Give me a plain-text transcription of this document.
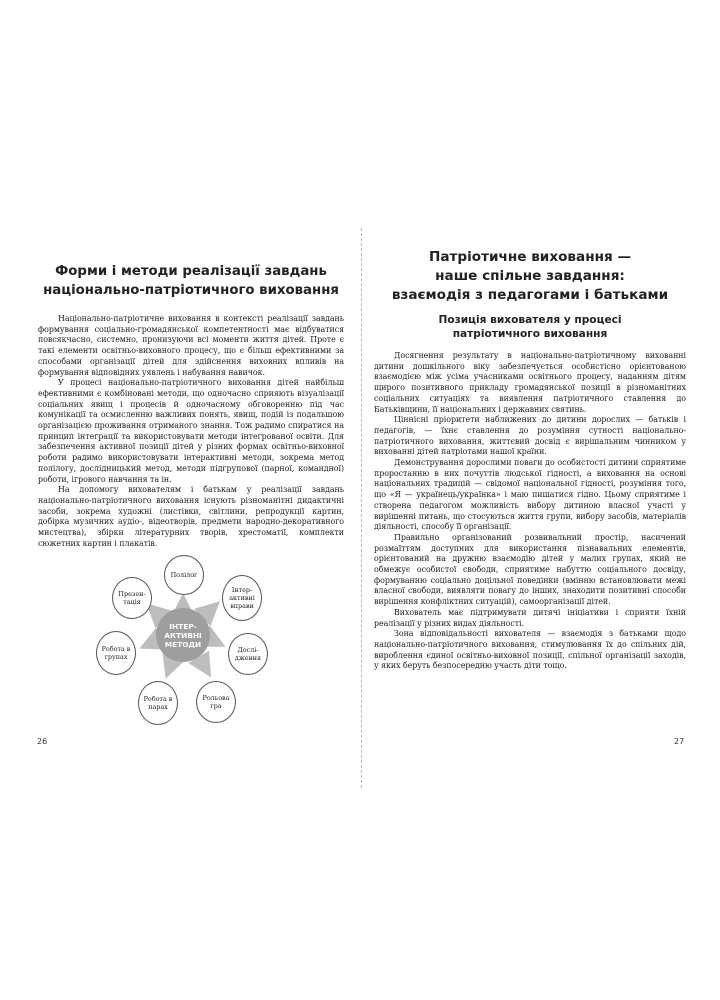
Форми і методи реалізації завдань
національно-патріотичного виховання

Національно-патріотичне виховання в контексті реалізації завдань формування соціально-громадянської компетентності має відбуватися повсякчасно, системно, пронизуючи всі моменти життя дітей. Проте є такі елементи освітньо-виховного процесу, що є більш ефективними за способами організації дітей для здійснення виховних впливів на формування відповідних уявлень і набування навичок.

У процесі національно-патріотичного виховання дітей найбільш ефективними є комбіновані методи, що одночасно сприяють візуалізації соціальних явищ і процесів й одночасному обговоренню під час комунікації та осмисленню важливих понять, явищ, подій із подальшою організацією проживання отриманого знання. Тож радимо спиратися на принцип інтеграції та використовувати методи інтегрованої освіти. Для забезпечення активної позиції дітей у різних формах освітньо-виховної роботи радимо використовувати інтерактивні методи, зокрема метод полілогу, дослідницький метод, методи підгрупової (парної, командної) роботи, ігрового навчання та ін.

На допомогу вихователям і батькам у реалізації завдань національно-патріотичного виховання існують різноманітні дидактичні засоби, зокрема художні (листівки, світлини, репродукції картин, добірка музичних аудіо-, відеотворів, предмети народно-декоративного мистецтва), збірки літературних творів, хрестоматії, комплекти сюжетних картин і плакатів.

ІНТЕР-
АКТИВНІ
МЕТОДИ
Полілог
Інтер-активні вправи
Дослі-дження
Рольова гра
Робота в парах
Робота в групах
Презен-тація
26
Патріотичне виховання —
наше спільне завдання:
взаємодія з педагогами і батьками
Позиція вихователя у процесі
патріотичного виховання

Досягнення результату в національно-патріотичному вихованні дитини дошкільного віку забезпечується особистісно орієнтованою взаємодією між усіма учасниками освітнього процесу, наданням дітям щирого позитивного прикладу громадянської позиції в різноманітних соціальних ситуаціях та виявлення патріотичного ставлення до Батьківщини, її національних і державних святинь.

Ціннісні пріоритети наближених до дитини дорослих — батьків і педагогів, — їхнє ставлення до розуміння сутності національно-патріотичного виховання, життєвий досвід є вирішальним чинником у вихованні дітей патріотами нашої країни.

Демонстрування дорослими поваги до особистості дитини сприятиме проростанню в них почуттів людської гідності, а виховання на основі національних традицій — свідомої національної гідності, розуміння того, що «Я — українець/українка» і маю пишатися гідно. Цьому сприятиме і створена педагогом можливість вибору дитиною власної участі у вирішенні питань, що стосуються життя групи, вибору засобів, матеріалів діяльності, способу її організації.

Правильно організований розвивальний простір, насичений розмаїттям доступних для використання пізнавальних елементів, орієнтований на дружню взаємодію дітей у малих групах, який не обмежує особистої свободи, сприятиме набуттю соціального досвіду, формуванню соціально доцільної поведінки (вмінню встановлювати межі власної свободи, виявляти повагу до інших, знаходити позитивні способи вирішення конфліктних ситуацій), самоорганізації дітей.

Вихователь має підтримувати дитячі ініціативи і сприяти їхній реалізації у різних видах діяльності.

Зона відповідальності вихователя — взаємодія з батьками щодо національно-патріотичного виховання, стимулювання їх до спільних дій, вироблення єдиної освітньо-виховної позиції, спільної організації заходів, у яких беруть безпосередню участь діти тощо.

27
